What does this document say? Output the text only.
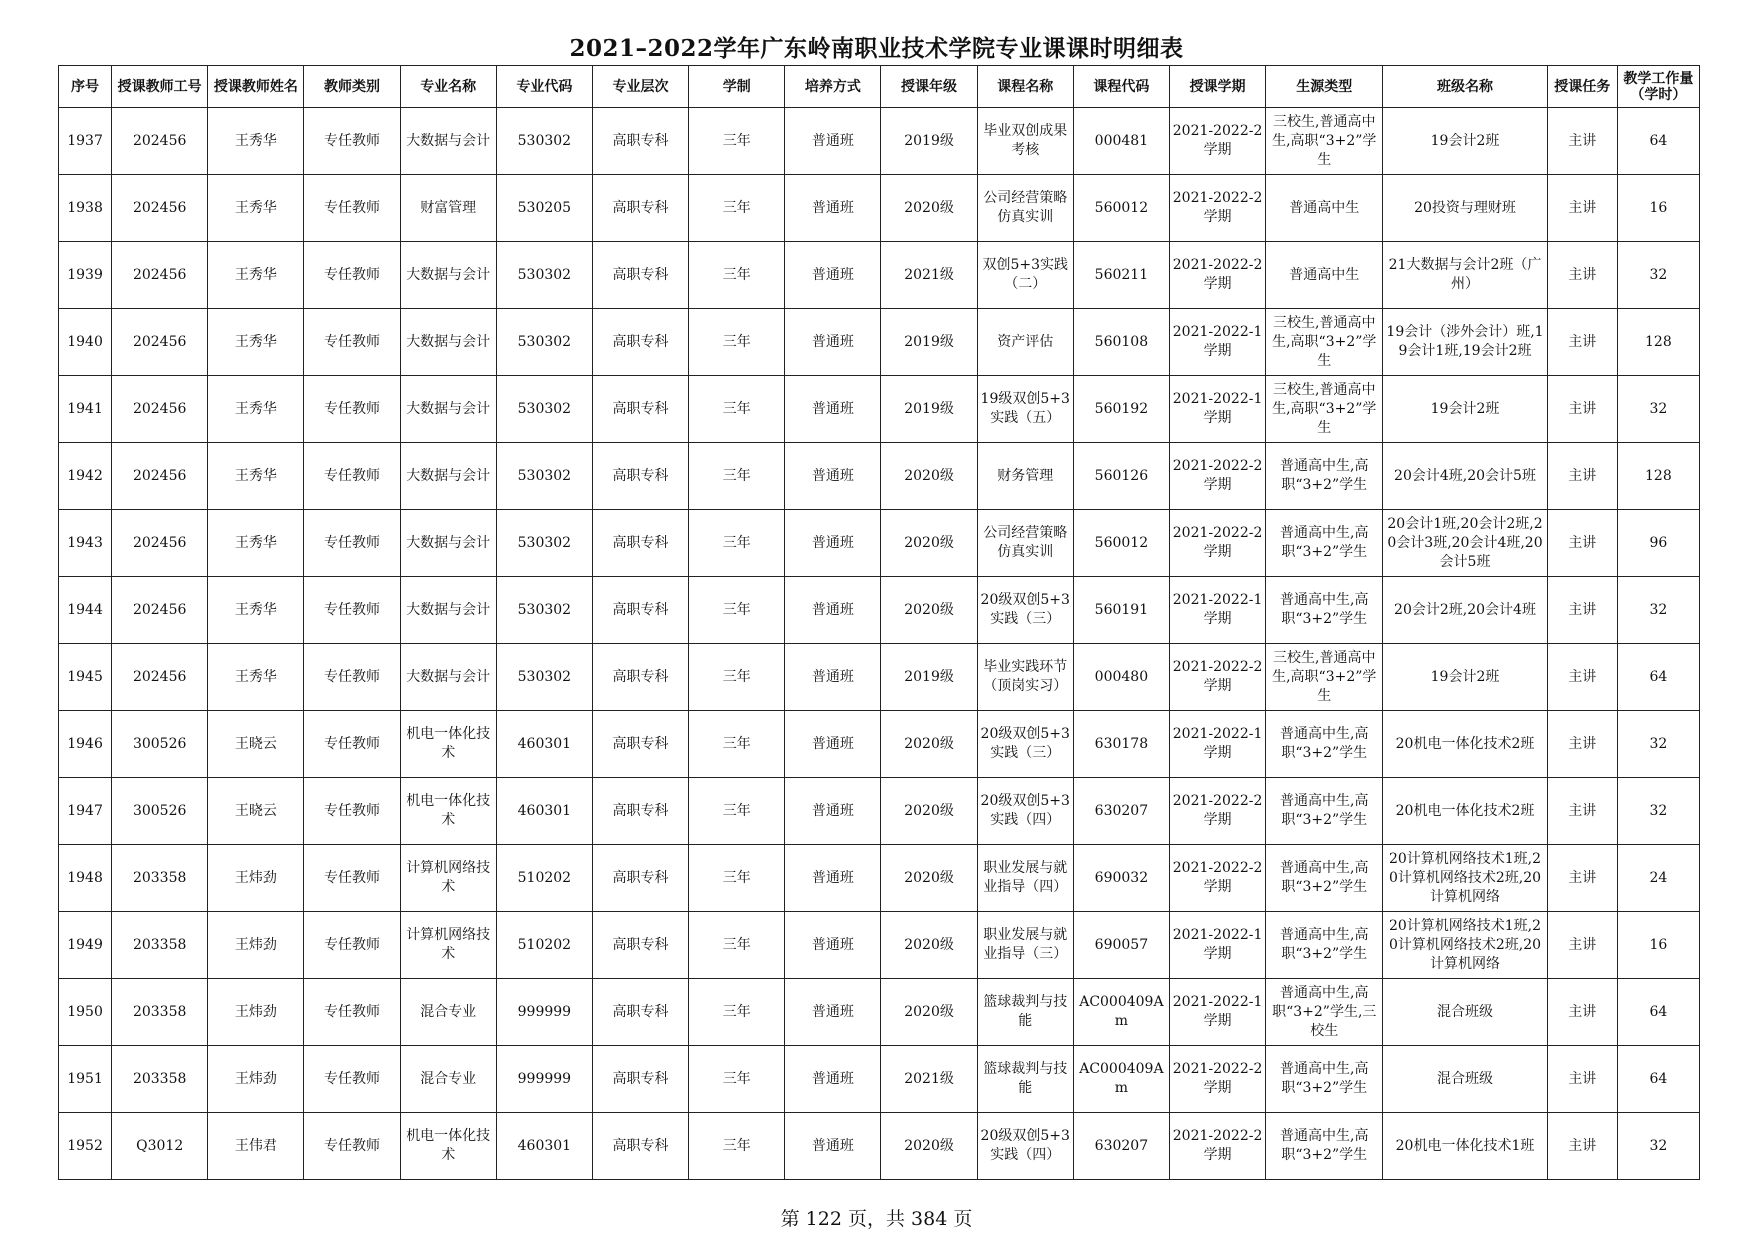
2021–2022学年广东岭南职业技术学院专业课课时明细表
序号	授课教师工号	授课教师姓名	教师类别	专业名称	专业代码	专业层次	学制	培养方式	授课年级	课程名称	课程代码	授课学期	生源类型	班级名称	授课任务	教学工作量（学时）

1937	202456	王秀华	专任教师	大数据与会计	530302	高职专科	三年	普通班	2019级	毕业双创成果考核	000481	2021-2022-2学期	三校生,普通高中生,高职“3+2”学生	19会计2班	主讲	64

1938	202456	王秀华	专任教师	财富管理	530205	高职专科	三年	普通班	2020级	公司经营策略仿真实训	560012	2021-2022-2学期	普通高中生	20投资与理财班	主讲	16

1939	202456	王秀华	专任教师	大数据与会计	530302	高职专科	三年	普通班	2021级	双创5+3实践（二）	560211	2021-2022-2学期	普通高中生	21大数据与会计2班（广州）	主讲	32

1940	202456	王秀华	专任教师	大数据与会计	530302	高职专科	三年	普通班	2019级	资产评估	560108	2021-2022-1学期	三校生,普通高中生,高职“3+2”学生	19会计（涉外会计）班,19会计1班,19会计2班	主讲	128

1941	202456	王秀华	专任教师	大数据与会计	530302	高职专科	三年	普通班	2019级	19级双创5+3实践（五）	560192	2021-2022-1学期	三校生,普通高中生,高职“3+2”学生	19会计2班	主讲	32

1942	202456	王秀华	专任教师	大数据与会计	530302	高职专科	三年	普通班	2020级	财务管理	560126	2021-2022-2学期	普通高中生,高职“3+2”学生	20会计4班,20会计5班	主讲	128

1943	202456	王秀华	专任教师	大数据与会计	530302	高职专科	三年	普通班	2020级	公司经营策略仿真实训	560012	2021-2022-2学期	普通高中生,高职“3+2”学生	20会计1班,20会计2班,20会计3班,20会计4班,20会计5班	主讲	96

1944	202456	王秀华	专任教师	大数据与会计	530302	高职专科	三年	普通班	2020级	20级双创5+3实践（三）	560191	2021-2022-1学期	普通高中生,高职“3+2”学生	20会计2班,20会计4班	主讲	32

1945	202456	王秀华	专任教师	大数据与会计	530302	高职专科	三年	普通班	2019级	毕业实践环节（顶岗实习）	000480	2021-2022-2学期	三校生,普通高中生,高职“3+2”学生	19会计2班	主讲	64

1946	300526	王晓云	专任教师	机电一体化技术	460301	高职专科	三年	普通班	2020级	20级双创5+3实践（三）	630178	2021-2022-1学期	普通高中生,高职“3+2”学生	20机电一体化技术2班	主讲	32

1947	300526	王晓云	专任教师	机电一体化技术	460301	高职专科	三年	普通班	2020级	20级双创5+3实践（四）	630207	2021-2022-2学期	普通高中生,高职“3+2”学生	20机电一体化技术2班	主讲	32

1948	203358	王炜劲	专任教师	计算机网络技术	510202	高职专科	三年	普通班	2020级	职业发展与就业指导（四）	690032	2021-2022-2学期	普通高中生,高职“3+2”学生	20计算机网络技术1班,20计算机网络技术2班,20计算机网络	主讲	24

1949	203358	王炜劲	专任教师	计算机网络技术	510202	高职专科	三年	普通班	2020级	职业发展与就业指导（三）	690057	2021-2022-1学期	普通高中生,高职“3+2”学生	20计算机网络技术1班,20计算机网络技术2班,20计算机网络	主讲	16

1950	203358	王炜劲	专任教师	混合专业	999999	高职专科	三年	普通班	2020级	篮球裁判与技能	AC000409Am	2021-2022-1学期	普通高中生,高职“3+2”学生,三校生	混合班级	主讲	64

1951	203358	王炜劲	专任教师	混合专业	999999	高职专科	三年	普通班	2021级	篮球裁判与技能	AC000409Am	2021-2022-2学期	普通高中生,高职“3+2”学生	混合班级	主讲	64

1952	Q3012	王伟君	专任教师	机电一体化技术	460301	高职专科	三年	普通班	2020级	20级双创5+3实践（四）	630207	2021-2022-2学期	普通高中生,高职“3+2”学生	20机电一体化技术1班	主讲	32
第 122 页，共 384 页
